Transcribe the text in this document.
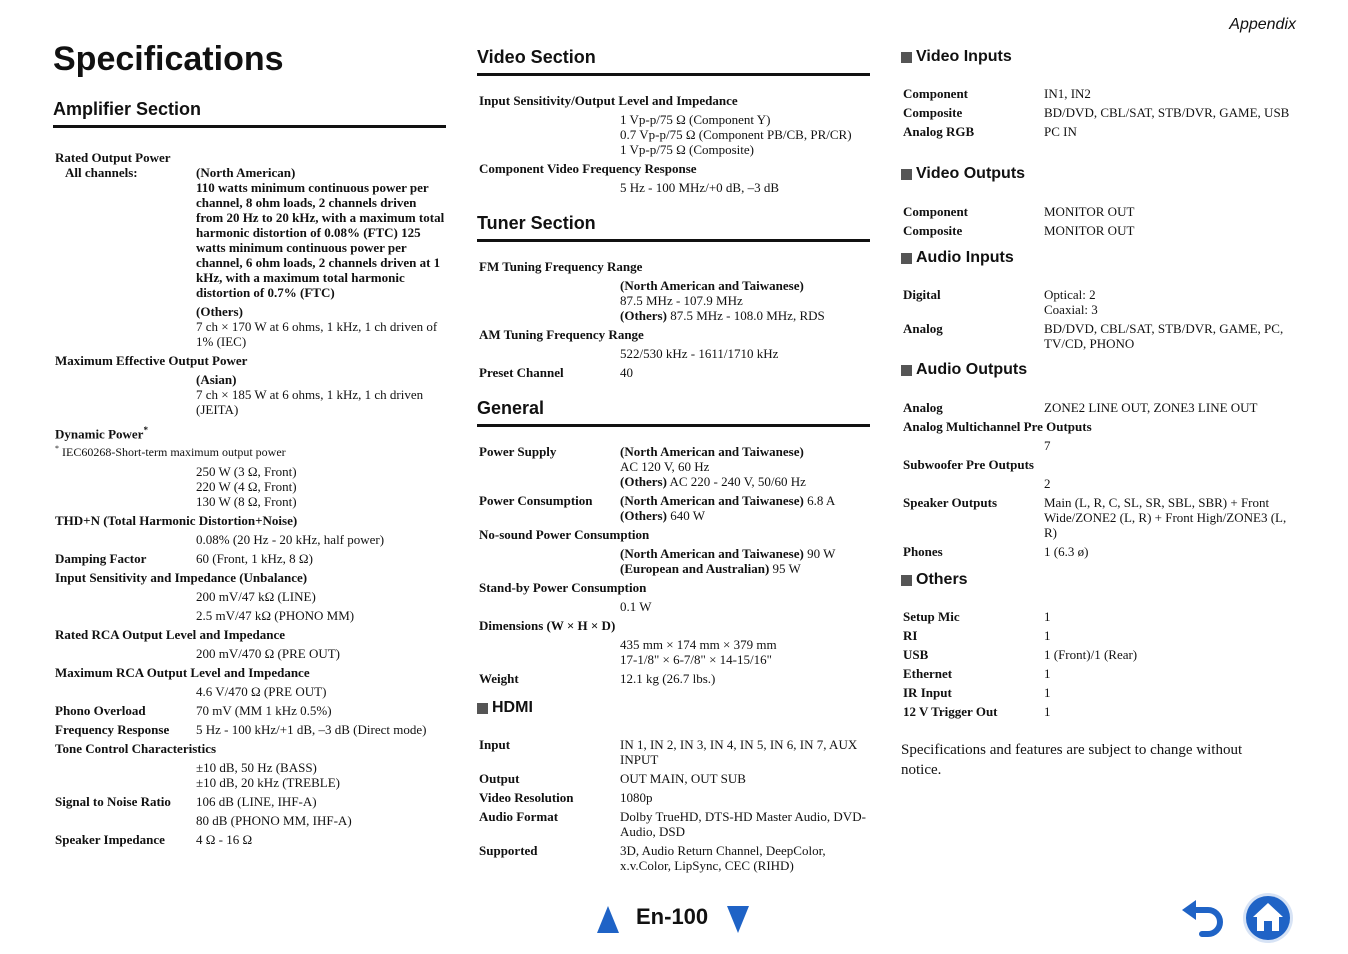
Appendix
Specifications
Amplifier Section
Rated Output Power
All channels:	(North American)
110 watts minimum continuous power per channel, 8 ohm loads, 2 channels driven from 20 Hz to 20 kHz, with a maximum total harmonic distortion of 0.08% (FTC) 125 watts minimum continuous power per channel, 6 ohm loads, 2 channels driven at 1 kHz, with a maximum total harmonic distortion of 0.7% (FTC)
(Others)
7 ch × 170 W at 6 ohms, 1 kHz, 1 ch driven of 1% (IEC)
Maximum Effective Output Power
(Asian)
7 ch × 185 W at 6 ohms, 1 kHz, 1 ch driven (JEITA)
Dynamic Power*
* IEC60268-Short-term maximum output power
250 W (3 Ω, Front)
220 W (4 Ω, Front)
130 W (8 Ω, Front)
THD+N (Total Harmonic Distortion+Noise)
0.08% (20 Hz - 20 kHz, half power)
Damping Factor	60 (Front, 1 kHz, 8 Ω)
Input Sensitivity and Impedance (Unbalance)
200 mV/47 kΩ (LINE)
2.5 mV/47 kΩ (PHONO MM)
Rated RCA Output Level and Impedance
200 mV/470 Ω (PRE OUT)
Maximum RCA Output Level and Impedance
4.6 V/470 Ω (PRE OUT)
Phono Overload	70 mV (MM 1 kHz 0.5%)
Frequency Response	5 Hz - 100 kHz/+1 dB, –3 dB (Direct mode)
Tone Control Characteristics
±10 dB, 50 Hz (BASS)
±10 dB, 20 kHz (TREBLE)
Signal to Noise Ratio	106 dB (LINE, IHF-A)
80 dB (PHONO MM, IHF-A)
Speaker Impedance	4 Ω - 16 Ω
Video Section
Input Sensitivity/Output Level and Impedance
1 Vp-p/75 Ω (Component Y)
0.7 Vp-p/75 Ω (Component PB/CB, PR/CR)
1 Vp-p/75 Ω (Composite)
Component Video Frequency Response
5 Hz - 100 MHz/+0 dB, –3 dB
Tuner Section
FM Tuning Frequency Range
(North American and Taiwanese)
87.5 MHz - 107.9 MHz
(Others) 87.5 MHz - 108.0 MHz, RDS
AM Tuning Frequency Range
522/530 kHz - 1611/1710 kHz
Preset Channel	40
General
Power Supply	(North American and Taiwanese)
AC 120 V, 60 Hz
(Others) AC 220 - 240 V, 50/60 Hz
Power Consumption	(North American and Taiwanese) 6.8 A
(Others) 640 W
No-sound Power Consumption
(North American and Taiwanese) 90 W
(European and Australian) 95 W
Stand-by Power Consumption
0.1 W
Dimensions (W × H × D)
435 mm × 174 mm × 379 mm
17-1/8" × 6-7/8" × 14-15/16"
Weight	12.1 kg (26.7 lbs.)
HDMI
Input	IN 1, IN 2, IN 3, IN 4, IN 5, IN 6, IN 7, AUX INPUT
Output	OUT MAIN, OUT SUB
Video Resolution	1080p
Audio Format	Dolby TrueHD, DTS-HD Master Audio, DVD-Audio, DSD
Supported	3D, Audio Return Channel, DeepColor, x.v.Color, LipSync, CEC (RIHD)
Video Inputs
Component	IN1, IN2
Composite	BD/DVD, CBL/SAT, STB/DVR, GAME, USB
Analog RGB	PC IN
Video Outputs
Component	MONITOR OUT
Composite	MONITOR OUT
Audio Inputs
Digital	Optical: 2
Coaxial: 3
Analog	BD/DVD, CBL/SAT, STB/DVR, GAME, PC, TV/CD, PHONO
Audio Outputs
Analog	ZONE2 LINE OUT, ZONE3 LINE OUT
Analog Multichannel Pre Outputs
7
Subwoofer Pre Outputs
2
Speaker Outputs	Main (L, R, C, SL, SR, SBL, SBR) + Front Wide/ZONE2 (L, R) + Front High/ZONE3 (L, R)
Phones	1 (6.3 ø)
Others
Setup Mic	1
RI	1
USB	1 (Front)/1 (Rear)
Ethernet	1
IR Input	1
12 V Trigger Out	1
Specifications and features are subject to change without notice.
En-100
